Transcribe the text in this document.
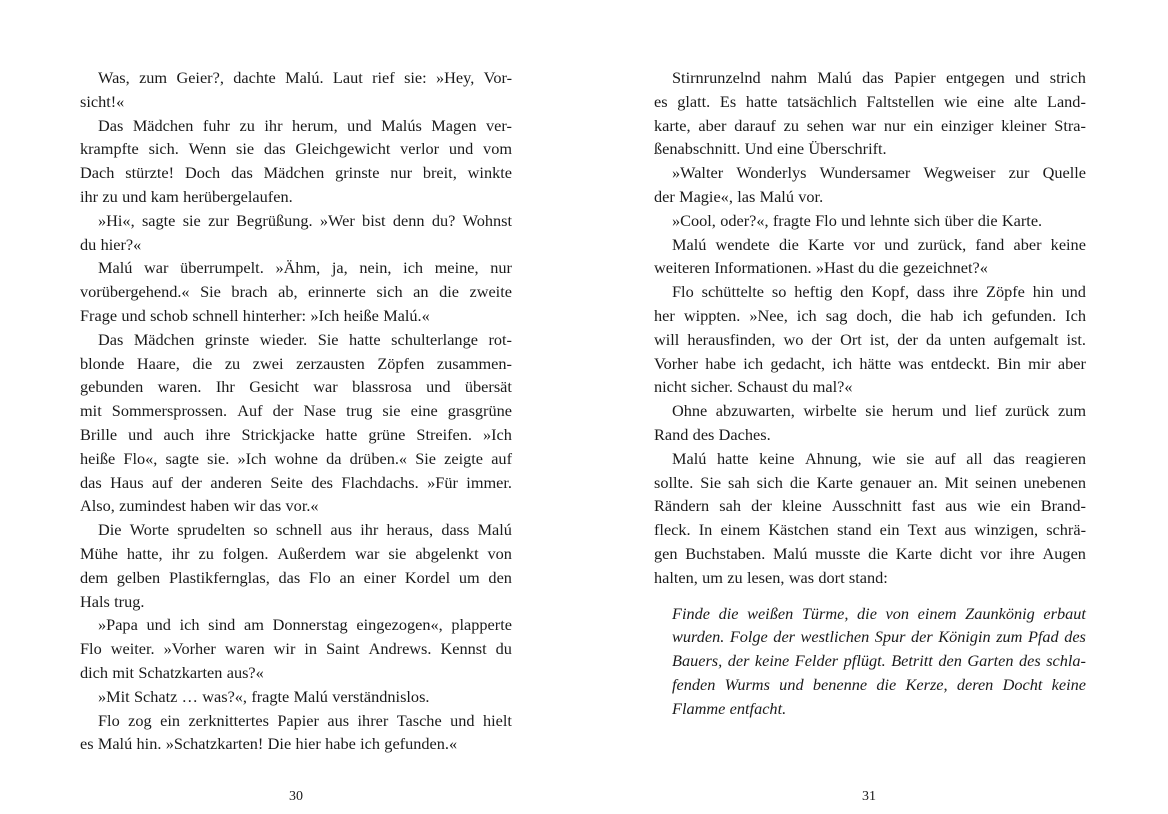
Was, zum Geier?, dachte Malú. Laut rief sie: »Hey, Vor-
sicht!«
Das Mädchen fuhr zu ihr herum, und Malús Magen ver-
krampfte sich. Wenn sie das Gleichgewicht verlor und vom
Dach stürzte! Doch das Mädchen grinste nur breit, winkte
ihr zu und kam herübergelaufen.
»Hi«, sagte sie zur Begrüßung. »Wer bist denn du? Wohnst
du hier?«
Malú war überrumpelt. »Ähm, ja, nein, ich meine, nur
vorübergehend.« Sie brach ab, erinnerte sich an die zweite
Frage und schob schnell hinterher: »Ich heiße Malú.«
Das Mädchen grinste wieder. Sie hatte schulterlange rot-
blonde Haare, die zu zwei zerzausten Zöpfen zusammen-
gebunden waren. Ihr Gesicht war blassrosa und übersät
mit Sommersprossen. Auf der Nase trug sie eine grasgrüne
Brille und auch ihre Strickjacke hatte grüne Streifen. »Ich
heiße Flo«, sagte sie. »Ich wohne da drüben.« Sie zeigte auf
das Haus auf der anderen Seite des Flachdachs. »Für immer.
Also, zumindest haben wir das vor.«
Die Worte sprudelten so schnell aus ihr heraus, dass Malú
Mühe hatte, ihr zu folgen. Außerdem war sie abgelenkt von
dem gelben Plastikfernglas, das Flo an einer Kordel um den
Hals trug.
»Papa und ich sind am Donnerstag eingezogen«, plapperte
Flo weiter. »Vorher waren wir in Saint Andrews. Kennst du
dich mit Schatzkarten aus?«
»Mit Schatz … was?«, fragte Malú verständnislos.
Flo zog ein zerknittertes Papier aus ihrer Tasche und hielt
es Malú hin. »Schatzkarten! Die hier habe ich gefunden.«
Stirnrunzelnd nahm Malú das Papier entgegen und strich
es glatt. Es hatte tatsächlich Faltstellen wie eine alte Land-
karte, aber darauf zu sehen war nur ein einziger kleiner Stra-
ßenabschnitt. Und eine Überschrift.
»Walter Wonderlys Wundersamer Wegweiser zur Quelle
der Magie«, las Malú vor.
»Cool, oder?«, fragte Flo und lehnte sich über die Karte.
Malú wendete die Karte vor und zurück, fand aber keine
weiteren Informationen. »Hast du die gezeichnet?«
Flo schüttelte so heftig den Kopf, dass ihre Zöpfe hin und
her wippten. »Nee, ich sag doch, die hab ich gefunden. Ich
will herausfinden, wo der Ort ist, der da unten aufgemalt ist.
Vorher habe ich gedacht, ich hätte was entdeckt. Bin mir aber
nicht sicher. Schaust du mal?«
Ohne abzuwarten, wirbelte sie herum und lief zurück zum
Rand des Daches.
Malú hatte keine Ahnung, wie sie auf all das reagieren
sollte. Sie sah sich die Karte genauer an. Mit seinen unebenen
Rändern sah der kleine Ausschnitt fast aus wie ein Brand-
fleck. In einem Kästchen stand ein Text aus winzigen, schrä-
gen Buchstaben. Malú musste die Karte dicht vor ihre Augen
halten, um zu lesen, was dort stand:
Finde die weißen Türme, die von einem Zaunkönig erbaut
wurden. Folge der westlichen Spur der Königin zum Pfad des
Bauers, der keine Felder pflügt. Betritt den Garten des schla-
fenden Wurms und benenne die Kerze, deren Docht keine
Flamme entfacht.
30	31
